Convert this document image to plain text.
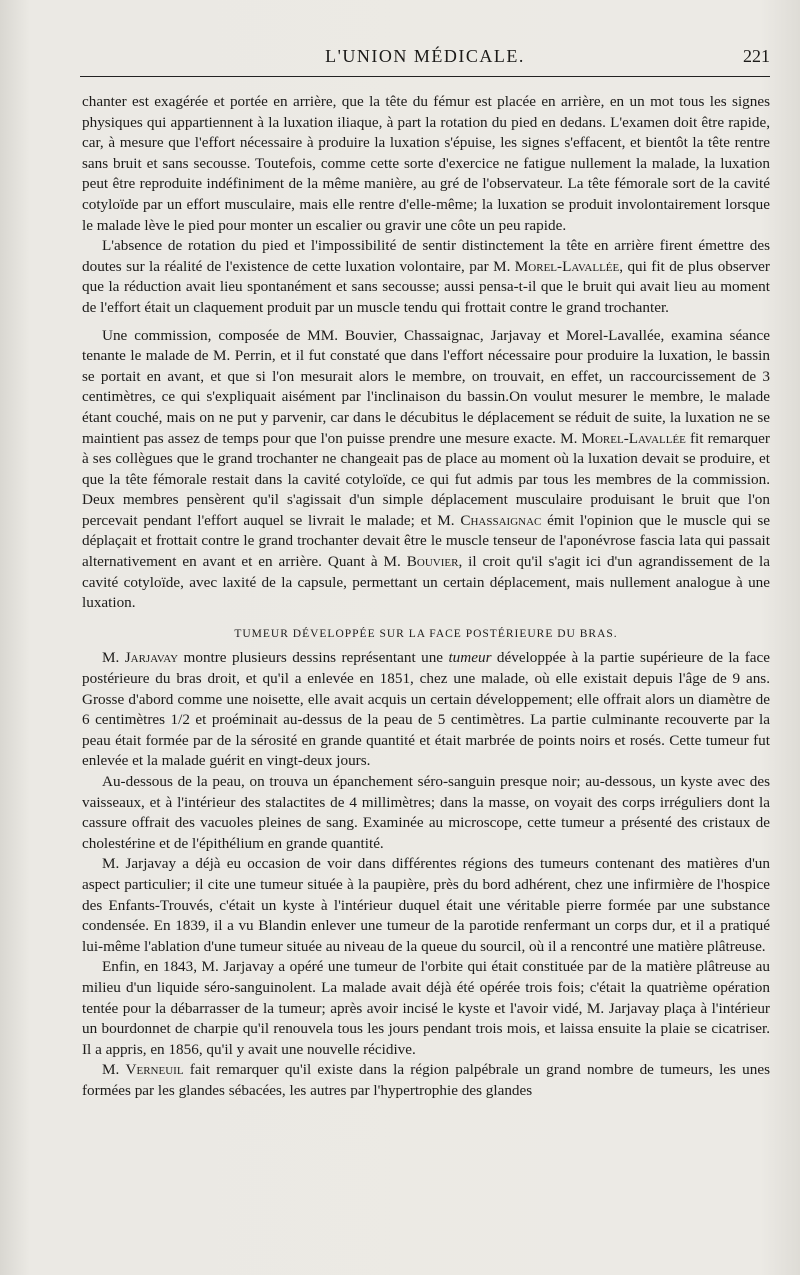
L'UNION MÉDICALE.	221

chanter est exagérée et portée en arrière, que la tête du fémur est placée en arrière, en un mot tous les signes physiques qui appartiennent à la luxation iliaque, à part la rotation du pied en dedans. L'examen doit être rapide, car, à mesure que l'effort nécessaire à produire la luxation s'épuise, les signes s'effacent, et bientôt la tête rentre sans bruit et sans secousse. Toutefois, comme cette sorte d'exercice ne fatigue nullement la malade, la luxation peut être reproduite indéfiniment de la même manière, au gré de l'observateur. La tête fémorale sort de la cavité cotyloïde par un effort musculaire, mais elle rentre d'elle-même; la luxation se produit involontairement lorsque le malade lève le pied pour monter un escalier ou gravir une côte un peu rapide.

L'absence de rotation du pied et l'impossibilité de sentir distinctement la tête en arrière firent émettre des doutes sur la réalité de l'existence de cette luxation volontaire, par M. Morel-Lavallée, qui fit de plus observer que la réduction avait lieu spontanément et sans secousse; aussi pensa-t-il que le bruit qui avait lieu au moment de l'effort était un claquement produit par un muscle tendu qui frottait contre le grand trochanter.

Une commission, composée de MM. Bouvier, Chassaignac, Jarjavay et Morel-Lavallée, examina séance tenante le malade de M. Perrin, et il fut constaté que dans l'effort nécessaire pour produire la luxation, le bassin se portait en avant, et que si l'on mesurait alors le membre, on trouvait, en effet, un raccourcissement de 3 centimètres, ce qui s'expliquait aisément par l'inclinaison du bassin.On voulut mesurer le membre, le malade étant couché, mais on ne put y parvenir, car dans le décubitus le déplacement se réduit de suite, la luxation ne se maintient pas assez de temps pour que l'on puisse prendre une mesure exacte. M. Morel-Lavallée fit remarquer à ses collègues que le grand trochanter ne changeait pas de place au moment où la luxation devait se produire, et que la tête fémorale restait dans la cavité cotyloïde, ce qui fut admis par tous les membres de la commission. Deux membres pensèrent qu'il s'agissait d'un simple déplacement musculaire produisant le bruit que l'on percevait pendant l'effort auquel se livrait le malade; et M. Chassaignac émit l'opinion que le muscle qui se déplaçait et frottait contre le grand trochanter devait être le muscle tenseur de l'aponévrose fascia lata qui passait alternativement en avant et en arrière. Quant à M. Bouvier, il croit qu'il s'agit ici d'un agrandissement de la cavité cotyloïde, avec laxité de la capsule, permettant un certain déplacement, mais nullement analogue à une luxation.

TUMEUR DÉVELOPPÉE SUR LA FACE POSTÉRIEURE DU BRAS.

M. Jarjavay montre plusieurs dessins représentant une tumeur développée à la partie supérieure de la face postérieure du bras droit, et qu'il a enlevée en 1851, chez une malade, où elle existait depuis l'âge de 9 ans. Grosse d'abord comme une noisette, elle avait acquis un certain développement; elle offrait alors un diamètre de 6 centimètres 1/2 et proéminait au-dessus de la peau de 5 centimètres. La partie culminante recouverte par la peau était formée par de la sérosité en grande quantité et était marbrée de points noirs et rosés. Cette tumeur fut enlevée et la malade guérit en vingt-deux jours.

Au-dessous de la peau, on trouva un épanchement séro-sanguin presque noir; au-dessous, un kyste avec des vaisseaux, et à l'intérieur des stalactites de 4 millimètres; dans la masse, on voyait des corps irréguliers dont la cassure offrait des vacuoles pleines de sang. Examinée au microscope, cette tumeur a présenté des cristaux de cholestérine et de l'épithélium en grande quantité.

M. Jarjavay a déjà eu occasion de voir dans différentes régions des tumeurs contenant des matières d'un aspect particulier; il cite une tumeur située à la paupière, près du bord adhérent, chez une infirmière de l'hospice des Enfants-Trouvés, c'était un kyste à l'intérieur duquel était une véritable pierre formée par une substance condensée. En 1839, il a vu Blandin enlever une tumeur de la parotide renfermant un corps dur, et il a pratiqué lui-même l'ablation d'une tumeur située au niveau de la queue du sourcil, où il a rencontré une matière plâtreuse.

Enfin, en 1843, M. Jarjavay a opéré une tumeur de l'orbite qui était constituée par de la matière plâtreuse au milieu d'un liquide séro-sanguinolent. La malade avait déjà été opérée trois fois; c'était la quatrième opération tentée pour la débarrasser de la tumeur; après avoir incisé le kyste et l'avoir vidé, M. Jarjavay plaça à l'intérieur un bourdonnet de charpie qu'il renouvela tous les jours pendant trois mois, et laissa ensuite la plaie se cicatriser. Il a appris, en 1856, qu'il y avait une nouvelle récidive.

M. Verneuil fait remarquer qu'il existe dans la région palpébrale un grand nombre de tumeurs, les unes formées par les glandes sébacées, les autres par l'hypertrophie des glandes
